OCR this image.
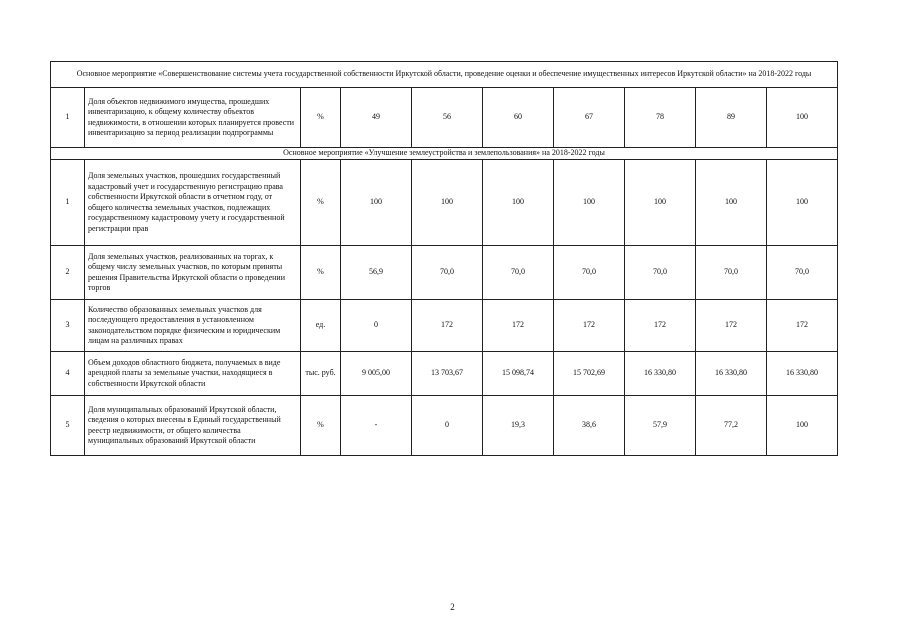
Основное мероприятие «Совершенствование системы учета государственной собственности Иркутской области, проведение оценки и обеспечение имущественных интересов Иркутской области» на 2018-2022 годы									
1	Доля объектов недвижимого имущества, прошедших инвентаризацию, к общему количеству объектов недвижимости, в отношении которых планируется провести инвентаризацию за период реализации подпрограммы	%	49	56	60	67	78	89	100
Основное мероприятие «Улучшение землеустройства и землепользования» на 2018-2022 годы									
1	Доля земельных участков, прошедших государственный кадастровый учет и государственную регистрацию права собственности Иркутской области в отчетном году, от общего количества земельных участков, подлежащих государственному кадастровому учету и государственной регистрации прав	%	100	100	100	100	100	100	100
2	Доля земельных участков, реализованных на торгах, к общему числу земельных участков, по которым приняты решения Правительства Иркутской области о проведении торгов	%	56,9	70,0	70,0	70,0	70,0	70,0	70,0
3	Количество образованных земельных участков для последующего предоставления в установленном законодательством порядке физическим и юридическим лицам на различных правах	ед.	0	172	172	172	172	172	172
4	Объем доходов областного бюджета, получаемых в виде арендной платы за земельные участки, находящиеся в собственности Иркутской области	тыс. руб.	9 005,00	13 703,67	15 098,74	15 702,69	16 330,80	16 330,80	16 330,80
5	Доля муниципальных образований Иркутской области, сведения о которых внесены в Единый государственный реестр недвижимости, от общего количества муниципальных образований Иркутской области	%	-	0	19,3	38,6	57,9	77,2	100
2
